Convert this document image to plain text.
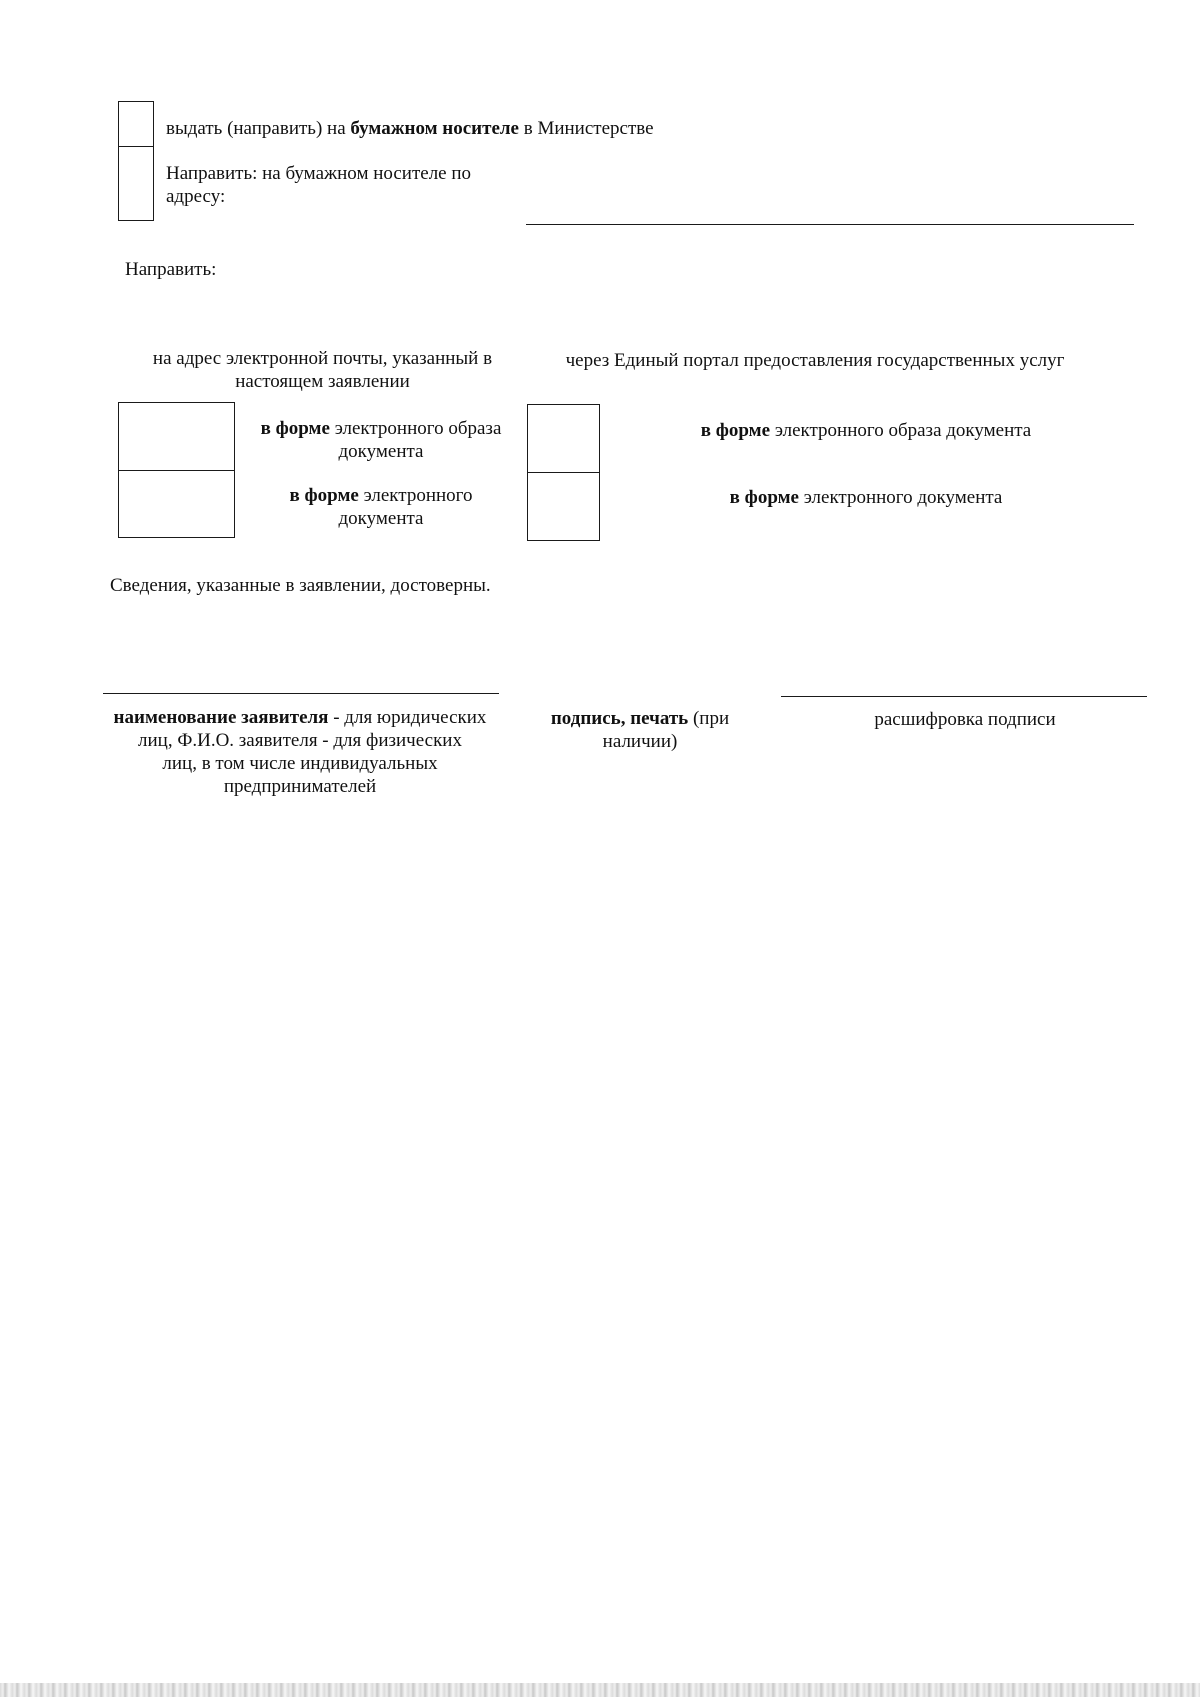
выдать (направить) на бумажном носителе в Министерстве
Направить: на бумажном носителе по
адресу:
Направить:
на адрес электронной почты, указанный в
настоящем заявлении
в форме электронного образа
документа
в форме электронного
документа
через Единый портал предоставления государственных услуг
в форме электронного образа документа
в форме электронного документа
Сведения, указанные в заявлении, достоверны.
наименование заявителя - для юридических
лиц, Ф.И.О. заявителя - для физических
лиц, в том числе индивидуальных
предпринимателей
подпись, печать (при
наличии)
расшифровка подписи
